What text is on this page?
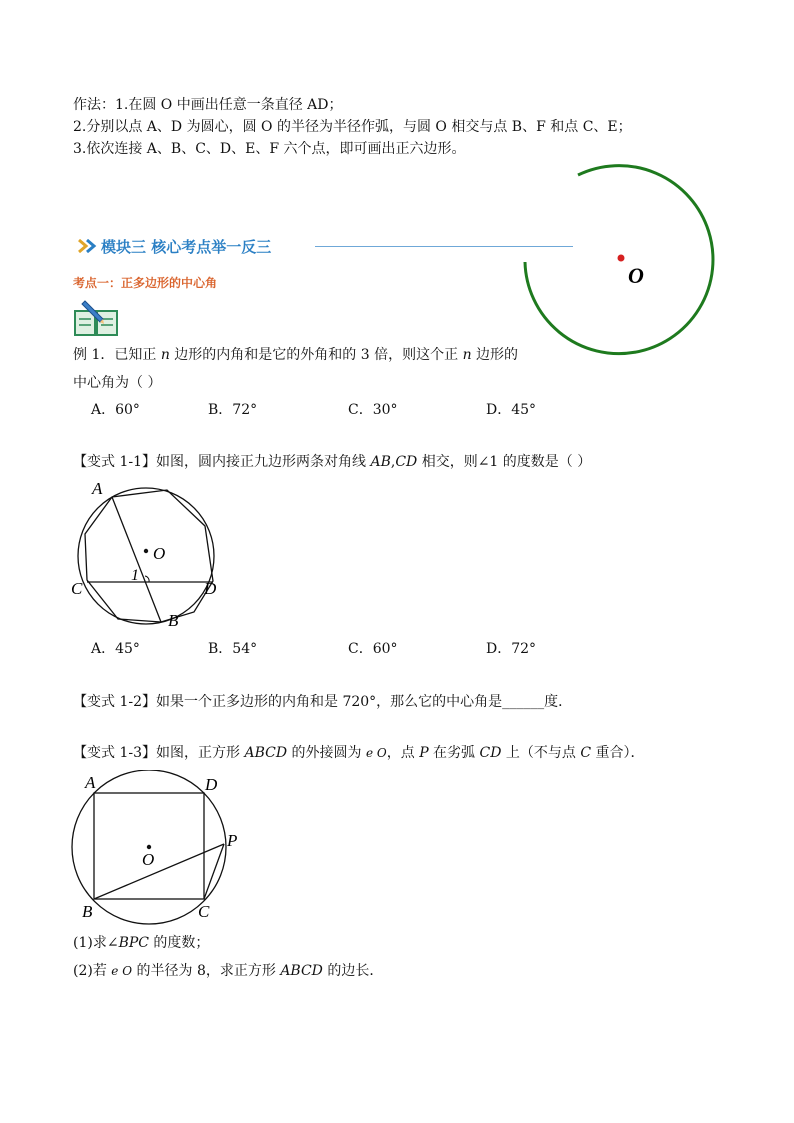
作法：1.在圆 O 中画出任意一条直径 AD；
2.分别以点 A、D 为圆心，圆 O 的半径为半径作弧，与圆 O 相交与点 B、F 和点 C、E；
3.依次连接 A、B、C、D、E、F 六个点，即可画出正六边形。
O
模块三 核心考点举一反三
考点一：正多边形的中心角
例 1．已知正 n 边形的内角和是它的外角和的 3 倍，则这个正 n 边形的
中心角为（ ）
A．60°	B．72°	C．30°	D．45°
【变式 1-1】如图，圆内接正九边形两条对角线 AB,CD 相交，则∠1 的度数是（ ）
A
O
1
C	D
B
A．45°	B．54°	C．60°	D．72°
【变式 1-2】如果一个正多边形的内角和是 720°，那么它的中心角是______度．
【变式 1-3】如图，正方形 ABCD 的外接圆为 e O，点 P 在劣弧 CD 上（不与点 C 重合）．
A	D
O
P
B	C
(1)求∠BPC 的度数；
(2)若 e O 的半径为 8，求正方形 ABCD 的边长．
